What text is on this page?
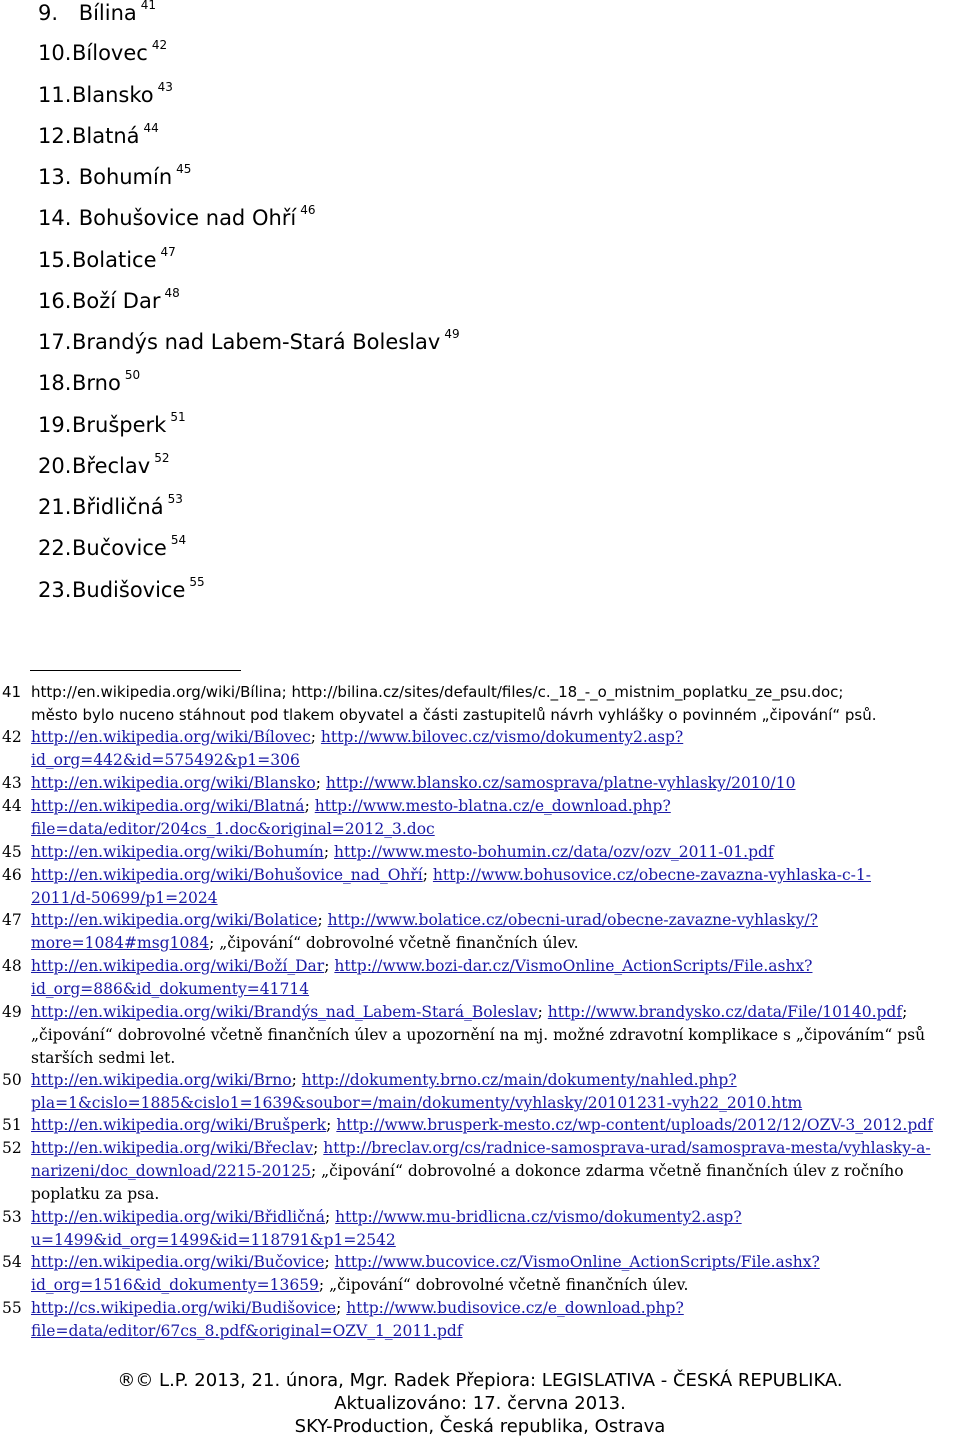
9. Bílina $^{41}$
10.Bílovec $^{42}$
11.Blansko $^{43}$
12.Blatná $^{44}$
13. Bohumín $^{45}$
14. Bohušovice nad Ohří $^{46}$
15.Bolatice $^{47}$
16.Boží Dar $^{48}$
17.Brandýs nad Labem-Stará Boleslav $^{49}$
18.Brno $^{50}$
19.Brušperk $^{51}$
20.Břeclav $^{52}$
21.Břidličná $^{53}$
22.Bučovice $^{54}$
23.Budišovice $^{55}$
41 http://en.wikipedia.org/wiki/Bílina; http://bilina.cz/sites/default/files/c._18_-_o_mistnim_poplatku_ze_psu.doc;
město bylo nuceno stáhnout pod tlakem obyvatel a části zastupitelů návrh vyhlášky o povinném „čipování“ psů.
42 http://en.wikipedia.org/wiki/Bílovec; http://www.bilovec.cz/vismo/dokumenty2.asp?
id_org=442&id=575492&p1=306
43 http://en.wikipedia.org/wiki/Blansko; http://www.blansko.cz/samosprava/platne-vyhlasky/2010/10
44 http://en.wikipedia.org/wiki/Blatná; http://www.mesto-blatna.cz/e_download.php?
file=data/editor/204cs_1.doc&original=2012_3.doc
45 http://en.wikipedia.org/wiki/Bohumín; http://www.mesto-bohumin.cz/data/ozv/ozv_2011-01.pdf
46 http://en.wikipedia.org/wiki/Bohušovice_nad_Ohří; http://www.bohusovice.cz/obecne-zavazna-vyhlaska-c-1-
2011/d-50699/p1=2024
47 http://en.wikipedia.org/wiki/Bolatice; http://www.bolatice.cz/obecni-urad/obecne-zavazne-vyhlasky/?
more=1084#msg1084; „čipování“ dobrovolné včetně finančních úlev.
48 http://en.wikipedia.org/wiki/Boží_Dar; http://www.bozi-dar.cz/VismoOnline_ActionScripts/File.ashx?
id_org=886&id_dokumenty=41714
49 http://en.wikipedia.org/wiki/Brandýs_nad_Labem-Stará_Boleslav; http://www.brandysko.cz/data/File/10140.pdf;
„čipování“ dobrovolné včetně finančních úlev a upozornění na mj. možné zdravotní komplikace s „čipováním“ psů
starších sedmi let.
50 http://en.wikipedia.org/wiki/Brno; http://dokumenty.brno.cz/main/dokumenty/nahled.php?
pla=1&cislo=1885&cislo1=1639&soubor=/main/dokumenty/vyhlasky/20101231-vyh22_2010.htm
51 http://en.wikipedia.org/wiki/Brušperk; http://www.brusperk-mesto.cz/wp-content/uploads/2012/12/OZV-3_2012.pdf
52 http://en.wikipedia.org/wiki/Břeclav; http://breclav.org/cs/radnice-samosprava-urad/samosprava-mesta/vyhlasky-a-
narizeni/doc_download/2215-20125; „čipování“ dobrovolné a dokonce zdarma včetně finančních úlev z ročního
poplatku za psa.
53 http://en.wikipedia.org/wiki/Břidličná; http://www.mu-bridlicna.cz/vismo/dokumenty2.asp?
u=1499&id_org=1499&id=118791&p1=2542
54 http://en.wikipedia.org/wiki/Bučovice; http://www.bucovice.cz/VismoOnline_ActionScripts/File.ashx?
id_org=1516&id_dokumenty=13659; „čipování“ dobrovolné včetně finančních úlev.
55 http://cs.wikipedia.org/wiki/Budišovice; http://www.budisovice.cz/e_download.php?
file=data/editor/67cs_8.pdf&original=OZV_1_2011.pdf
®© L.P. 2013, 21. února, Mgr. Radek Přepiora: LEGISLATIVA - ČESKÁ REPUBLIKA.
Aktualizováno: 17. června 2013.
SKY-Production, Česká republika, Ostrava
